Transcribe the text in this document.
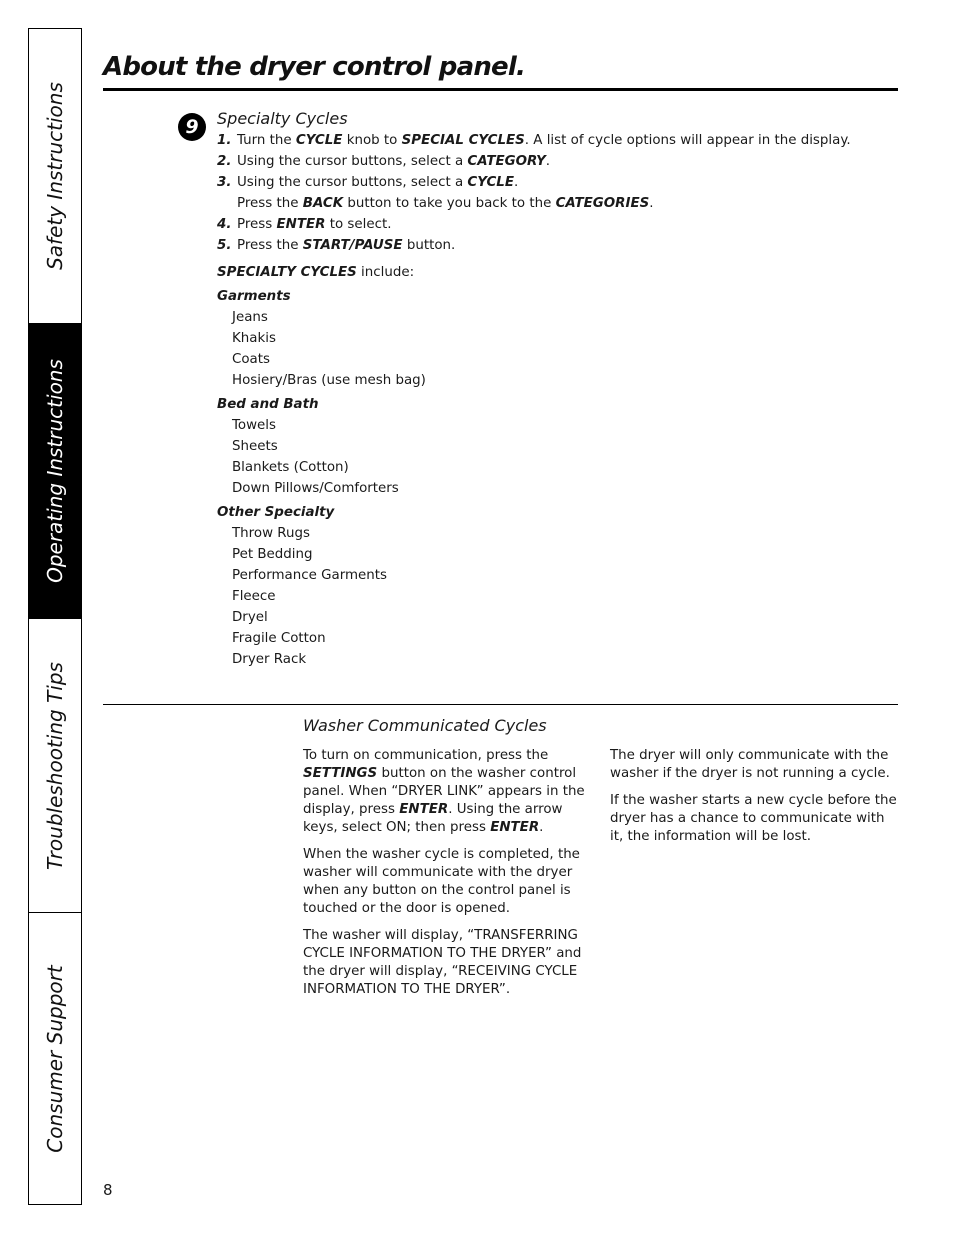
Safety Instructions
Operating Instructions
Troubleshooting Tips
Consumer Support
About the dryer control panel.
9	Specialty Cycles
1. Turn the CYCLE knob to SPECIAL CYCLES. A list of cycle options will appear in the display.
2. Using the cursor buttons, select a CATEGORY.
3. Using the cursor buttons, select a CYCLE.
Press the BACK button to take you back to the CATEGORIES.
4. Press ENTER to select.
5. Press the START/PAUSE button.
SPECIALTY CYCLES include:
Garments
Jeans
Khakis
Coats
Hosiery/Bras (use mesh bag)
Bed and Bath
Towels
Sheets
Blankets (Cotton)
Down Pillows/Comforters
Other Specialty
Throw Rugs
Pet Bedding
Performance Garments
Fleece
Dryel
Fragile Cotton
Dryer Rack
Washer Communicated Cycles

To turn on communication, press the SETTINGS button on the washer control panel. When “DRYER LINK” appears in the display, press ENTER. Using the arrow keys, select ON; then press ENTER.

When the washer cycle is completed, the washer will communicate with the dryer when any button on the control panel is touched or the door is opened.

The washer will display, “TRANSFERRING CYCLE INFORMATION TO THE DRYER” and the dryer will display, “RECEIVING CYCLE INFORMATION TO THE DRYER”.

The dryer will only communicate with the washer if the dryer is not running a cycle.

If the washer starts a new cycle before the dryer has a chance to communicate with it, the information will be lost.

8
